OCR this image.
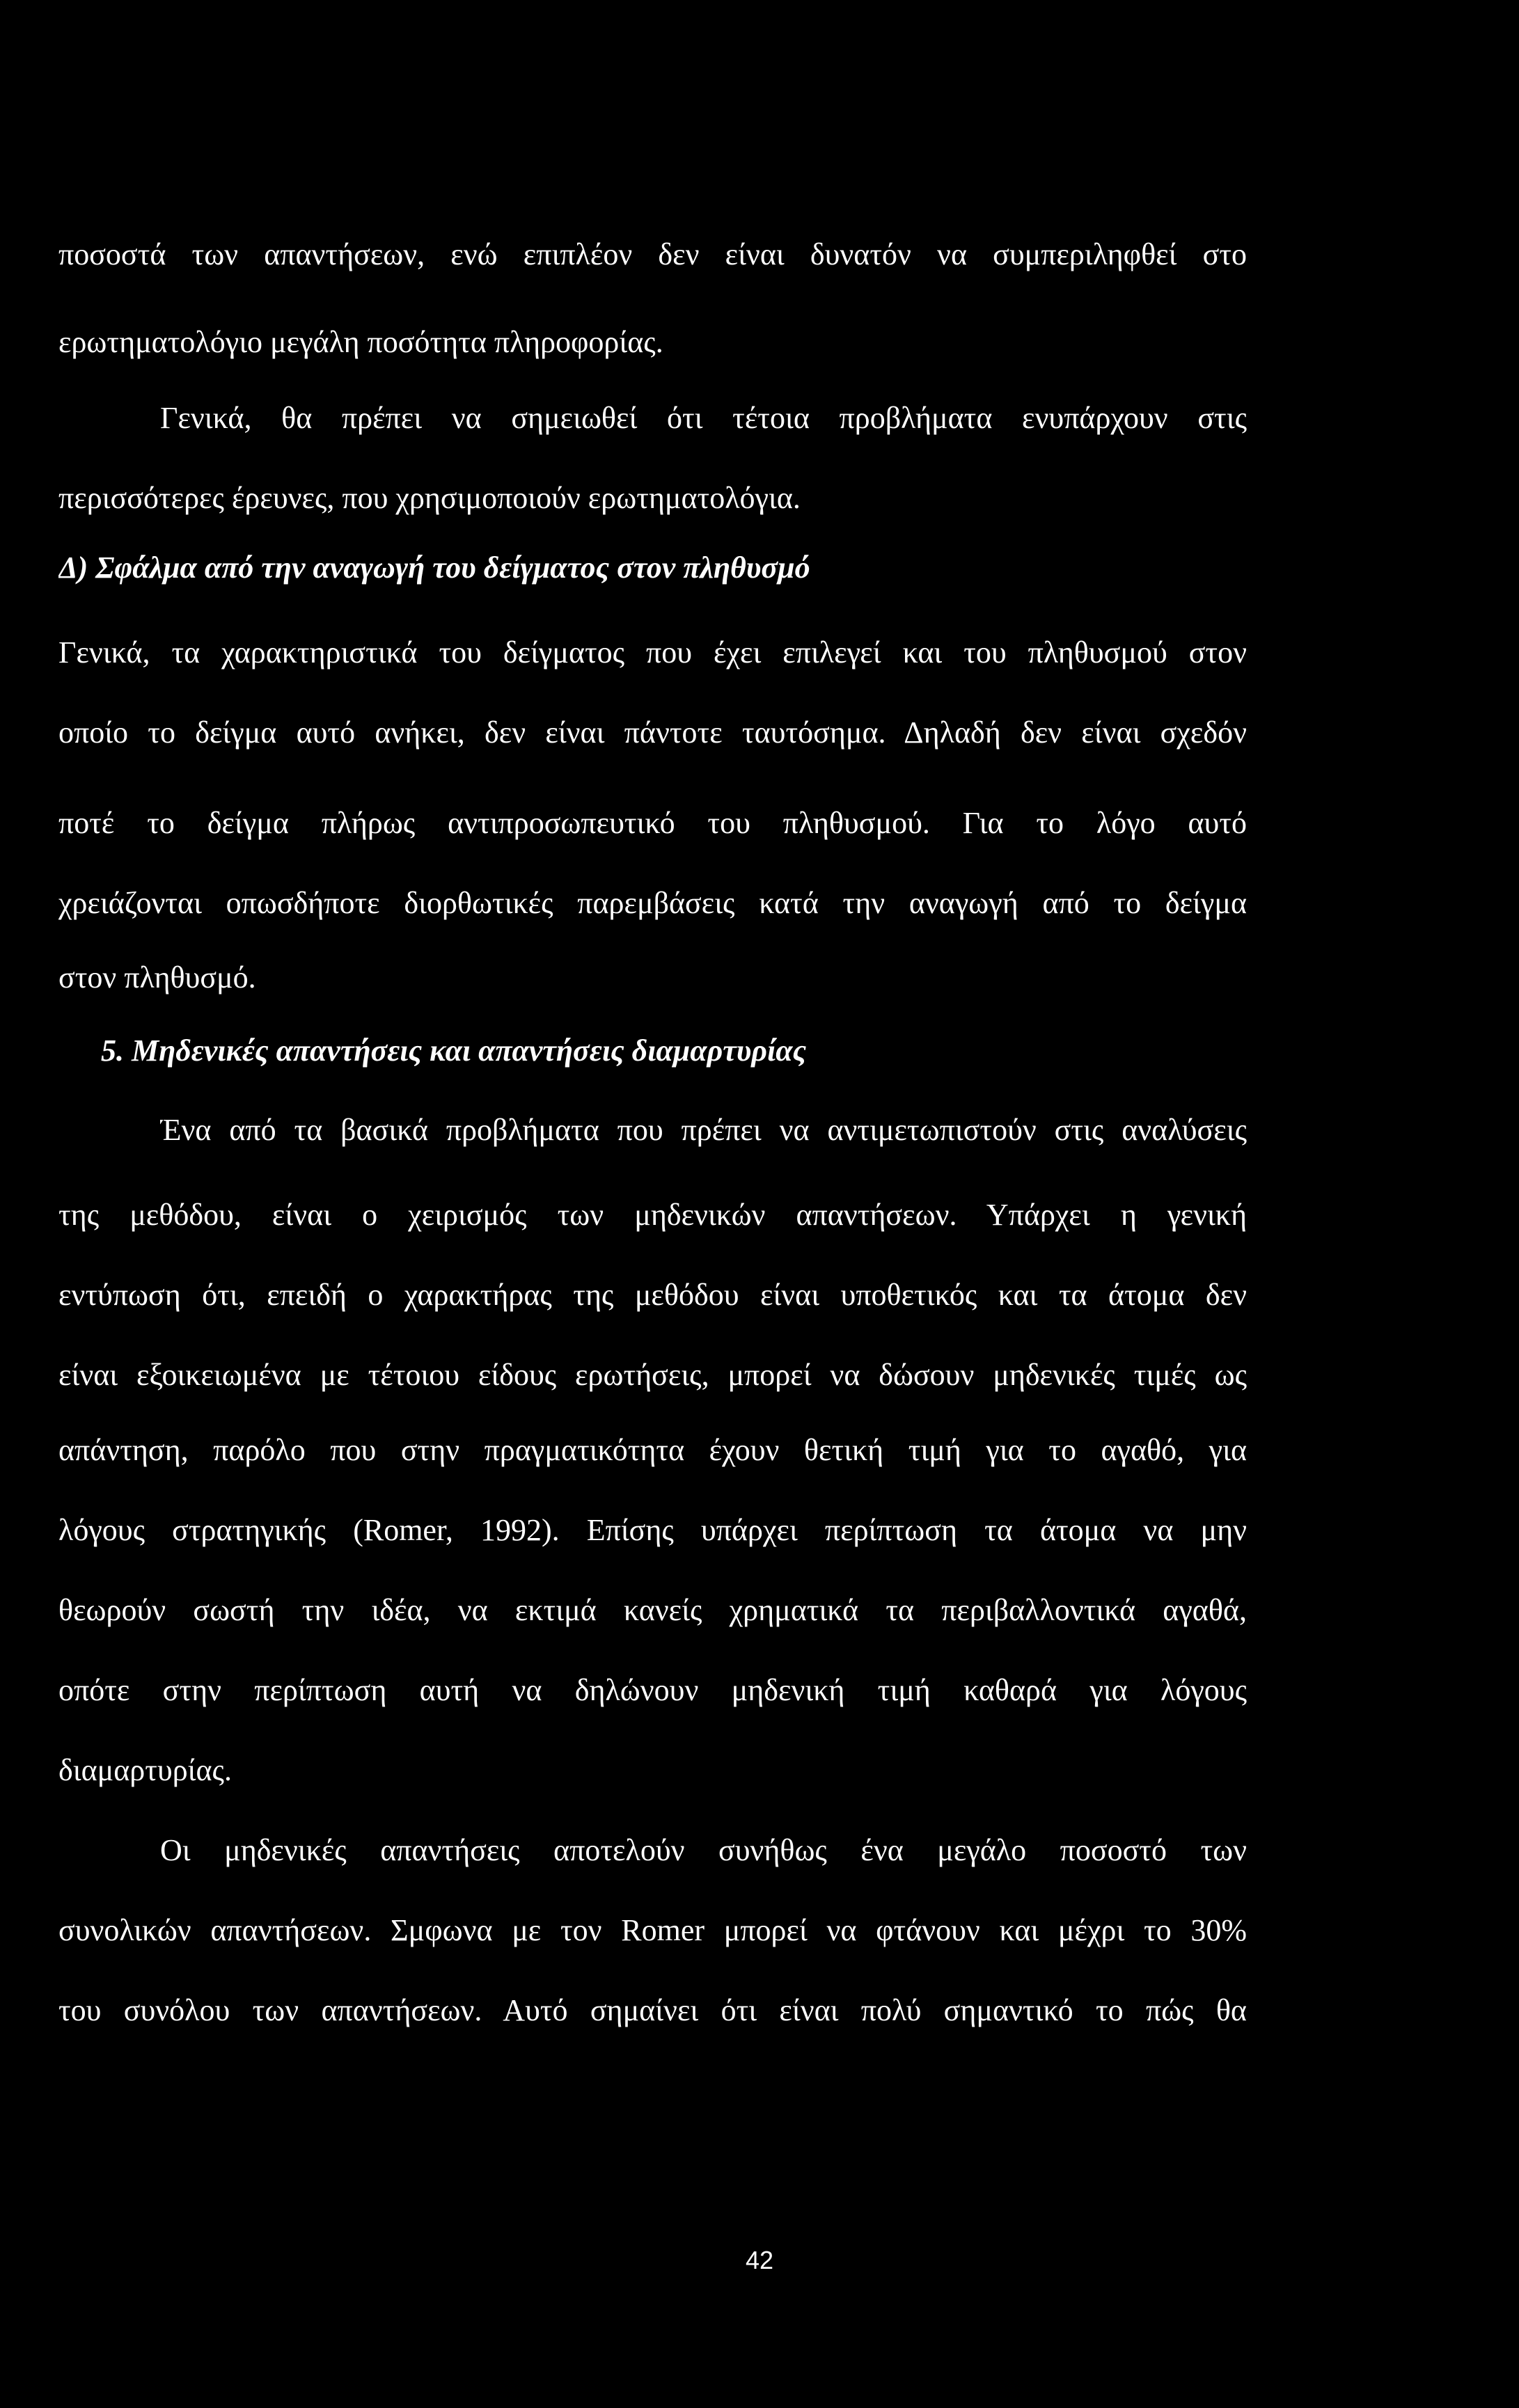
ποσοστά των απαντήσεων, ενώ επιπλέον δεν είναι δυνατόν να συμπεριληφθεί στο
ερωτηματολόγιο μεγάλη ποσότητα πληροφορίας.
Γενικά, θα πρέπει να σημειωθεί ότι τέτοια προβλήματα ενυπάρχουν στις
περισσότερες έρευνες, που χρησιμοποιούν ερωτηματολόγια.
Δ) Σφάλμα από την αναγωγή του δείγματος στον πληθυσμό
Γενικά, τα χαρακτηριστικά του δείγματος που έχει επιλεγεί και του πληθυσμού στον
οποίο το δείγμα αυτό ανήκει, δεν είναι πάντοτε ταυτόσημα. Δηλαδή δεν είναι σχεδόν
ποτέ το δείγμα πλήρως αντιπροσωπευτικό του πληθυσμού. Για το λόγο αυτό
χρειάζονται οπωσδήποτε διορθωτικές παρεμβάσεις κατά την αναγωγή από το δείγμα
στον πληθυσμό.
5. Μηδενικές απαντήσεις και απαντήσεις διαμαρτυρίας
Ένα από τα βασικά προβλήματα που πρέπει να αντιμετωπιστούν στις αναλύσεις
της μεθόδου, είναι ο χειρισμός των μηδενικών απαντήσεων. Υπάρχει η γενική
εντύπωση ότι, επειδή ο χαρακτήρας της μεθόδου είναι υποθετικός και τα άτομα δεν
είναι εξοικειωμένα με τέτοιου είδους ερωτήσεις, μπορεί να δώσουν μηδενικές τιμές ως
απάντηση, παρόλο που στην πραγματικότητα έχουν θετική τιμή για το αγαθό, για
λόγους στρατηγικής (Romer, 1992). Επίσης υπάρχει περίπτωση τα άτομα να μην
θεωρούν σωστή την ιδέα, να εκτιμά κανείς χρηματικά τα περιβαλλοντικά αγαθά,
οπότε στην περίπτωση αυτή να δηλώνουν μηδενική τιμή καθαρά για λόγους
διαμαρτυρίας.
Οι μηδενικές απαντήσεις αποτελούν συνήθως ένα μεγάλο ποσοστό των
συνολικών απαντήσεων. Σμφωνα με τον Romer μπορεί να φτάνουν και μέχρι το 30%
του συνόλου των απαντήσεων. Αυτό σημαίνει ότι είναι πολύ σημαντικό το πώς θα
42
